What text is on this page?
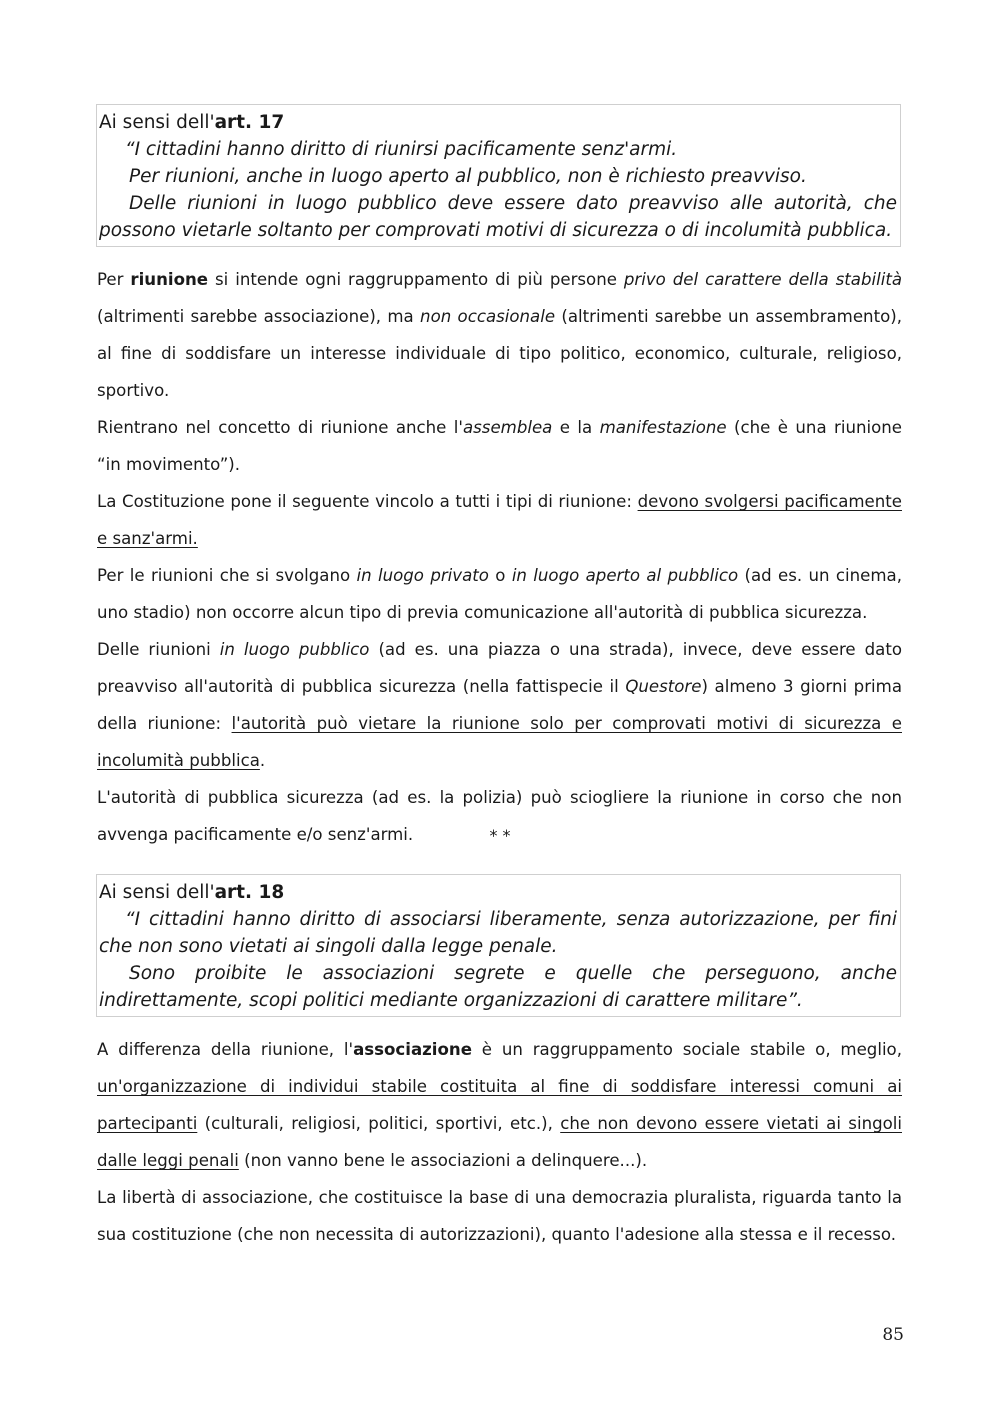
Ai sensi dell'art. 17
“I cittadini hanno diritto di riunirsi pacificamente senz'armi.
Per riunioni, anche in luogo aperto al pubblico, non è richiesto preavviso.
Delle riunioni in luogo pubblico deve essere dato preavviso alle autorità, che possono vietarle soltanto per comprovati motivi di sicurezza o di incolumità pubblica.

Per riunione si intende ogni raggruppamento di più persone privo del carattere della stabilità (altrimenti sarebbe associazione), ma non occasionale (altrimenti sarebbe un assembramento), al fine di soddisfare un interesse individuale di tipo politico, economico, culturale, religioso, sportivo.

Rientrano nel concetto di riunione anche l'assemblea e la manifestazione (che è una riunione “in movimento”).

La Costituzione pone il seguente vincolo a tutti i tipi di riunione: devono svolgersi pacificamente e sanz'armi.

Per le riunioni che si svolgano in luogo privato o in luogo aperto al pubblico (ad es. un cinema, uno stadio) non occorre alcun tipo di previa comunicazione all'autorità di pubblica sicurezza.

Delle riunioni in luogo pubblico (ad es. una piazza o una strada), invece, deve essere dato preavviso all'autorità di pubblica sicurezza (nella fattispecie il Questore) almeno 3 giorni prima della riunione: l'autorità può vietare la riunione solo per comprovati motivi di sicurezza e incolumità pubblica.

L'autorità di pubblica sicurezza (ad es. la polizia) può sciogliere la riunione in corso che non avvenga pacificamente e/o senz'armi.	* *
Ai sensi dell'art. 18
“I cittadini hanno diritto di associarsi liberamente, senza autorizzazione, per fini che non sono vietati ai singoli dalla legge penale.
Sono proibite le associazioni segrete e quelle che perseguono, anche indirettamente, scopi politici mediante organizzazioni di carattere militare”.

A differenza della riunione, l'associazione è un raggruppamento sociale stabile o, meglio, un'organizzazione di individui stabile costituita al fine di soddisfare interessi comuni ai partecipanti (culturali, religiosi, politici, sportivi, etc.), che non devono essere vietati ai singoli dalle leggi penali (non vanno bene le associazioni a delinquere...).

La libertà di associazione, che costituisce la base di una democrazia pluralista, riguarda tanto la sua costituzione (che non necessita di autorizzazioni), quanto l'adesione alla stessa e il recesso.

85
